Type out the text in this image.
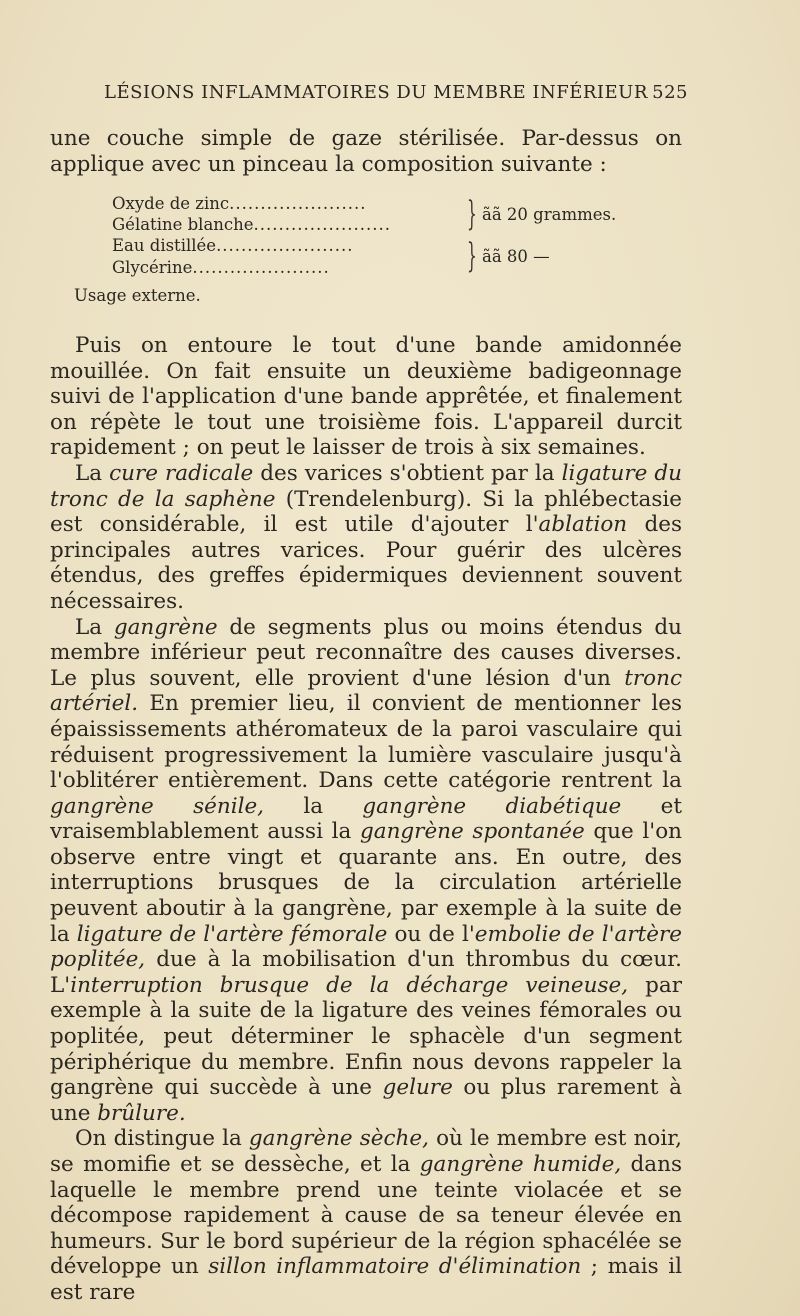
LÉSIONS INFLAMMATOIRES DU MEMBRE INFÉRIEUR 525

une couche simple de gaze stérilisée. Par-dessus on applique avec un pinceau la composition suivante :

Oxyde de zinc......................
Gélatine blanche......................
Eau distillée......................
Glycérine......................
}
}
ãã 20 grammes.
ãã 80 —
Usage externe.

Puis on entoure le tout d'une bande amidonnée mouillée. On fait ensuite un deuxième badigeonnage suivi de l'application d'une bande apprêtée, et finalement on répète le tout une troisième fois. L'appareil durcit rapidement ; on peut le laisser de trois à six semaines.

La cure radicale des varices s'obtient par la ligature du tronc de la saphène (Trendelenburg). Si la phlébectasie est considérable, il est utile d'ajouter l'ablation des principales autres varices. Pour guérir des ulcères étendus, des greffes épidermiques deviennent souvent nécessaires.

La gangrène de segments plus ou moins étendus du membre inférieur peut reconnaître des causes diverses. Le plus souvent, elle provient d'une lésion d'un tronc artériel. En premier lieu, il convient de mentionner les épaississements athéromateux de la paroi vasculaire qui réduisent progressivement la lumière vasculaire jusqu'à l'oblitérer entièrement. Dans cette catégorie rentrent la gangrène sénile, la gangrène diabétique et vraisemblablement aussi la gangrène spontanée que l'on observe entre vingt et quarante ans. En outre, des interruptions brusques de la circulation artérielle peuvent aboutir à la gangrène, par exemple à la suite de la ligature de l'artère fémorale ou de l'embolie de l'artère poplitée, due à la mobilisation d'un thrombus du cœur. L'interruption brusque de la décharge veineuse, par exemple à la suite de la ligature des veines fémorales ou poplitée, peut déterminer le sphacèle d'un segment périphérique du membre. Enfin nous devons rappeler la gangrène qui succède à une gelure ou plus rarement à une brûlure.

On distingue la gangrène sèche, où le membre est noir, se momifie et se dessèche, et la gangrène humide, dans laquelle le membre prend une teinte violacée et se décompose rapidement à cause de sa teneur élevée en humeurs. Sur le bord supérieur de la région sphacélée se développe un sillon inflammatoire d'élimination ; mais il est rare
